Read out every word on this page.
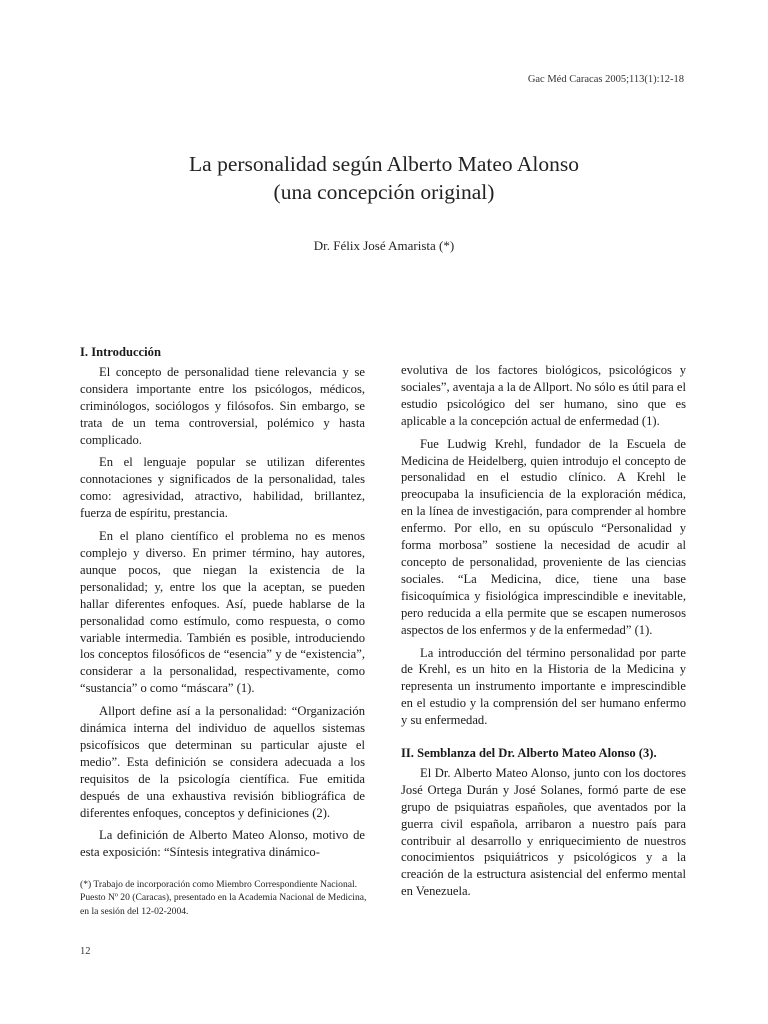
Gac Méd Caracas 2005;113(1):12-18
La personalidad según Alberto Mateo Alonso
(una concepción original)
Dr. Félix José Amarista (*)
I. Introducción

El concepto de personalidad tiene relevancia y se considera importante entre los psicólogos, médicos, criminólogos, sociólogos y filósofos. Sin embargo, se trata de un tema controversial, polémico y hasta complicado.

En el lenguaje popular se utilizan diferentes connotaciones y significados de la personalidad, tales como: agresividad, atractivo, habilidad, brillantez, fuerza de espíritu, prestancia.

En el plano científico el problema no es menos complejo y diverso. En primer término, hay autores, aunque pocos, que niegan la existencia de la personalidad; y, entre los que la aceptan, se pueden hallar diferentes enfoques. Así, puede hablarse de la personalidad como estímulo, como respuesta, o como variable intermedia. También es posible, introduciendo los conceptos filosóficos de “esencia” y de “existencia”, considerar a la personalidad, respectivamente, como “sustancia” o como “máscara” (1).

Allport define así a la personalidad: “Organización dinámica interna del individuo de aquellos sistemas psicofísicos que determinan su particular ajuste el medio”. Esta definición se considera adecuada a los requisitos de la psicología científica. Fue emitida después de una exhaustiva revisión bibliográfica de diferentes enfoques, conceptos y definiciones (2).

La definición de Alberto Mateo Alonso, motivo de esta exposición: “Síntesis integrativa dinámico-

evolutiva de los factores biológicos, psicológicos y sociales”, aventaja a la de Allport. No sólo es útil para el estudio psicológico del ser humano, sino que es aplicable a la concepción actual de enfermedad (1).

Fue Ludwig Krehl, fundador de la Escuela de Medicina de Heidelberg, quien introdujo el concepto de personalidad en el estudio clínico. A Krehl le preocupaba la insuficiencia de la exploración médica, en la línea de investigación, para comprender al hombre enfermo. Por ello, en su opúsculo “Personalidad y forma morbosa” sostiene la necesidad de acudir al concepto de personalidad, proveniente de las ciencias sociales. “La Medicina, dice, tiene una base fisicoquímica y fisiológica imprescindible e inevitable, pero reducida a ella permite que se escapen numerosos aspectos de los enfermos y de la enfermedad” (1).

La introducción del término personalidad por parte de Krehl, es un hito en la Historia de la Medicina y representa un instrumento importante e imprescindible en el estudio y la comprensión del ser humano enfermo y su enfermedad.

II. Semblanza del Dr. Alberto Mateo Alonso (3).

El Dr. Alberto Mateo Alonso, junto con los doctores José Ortega Durán y José Solanes, formó parte de ese grupo de psiquiatras españoles, que aventados por la guerra civil española, arribaron a nuestro país para contribuir al desarrollo y enriquecimiento de nuestros conocimientos psiquiátricos y psicológicos y a la creación de la estructura asistencial del enfermo mental en Venezuela.

(*) Trabajo de incorporación como Miembro Correspondiente Nacional. Puesto Nº 20 (Caracas), presentado en la Academia Nacional de Medicina, en la sesión del 12-02-2004.
12
